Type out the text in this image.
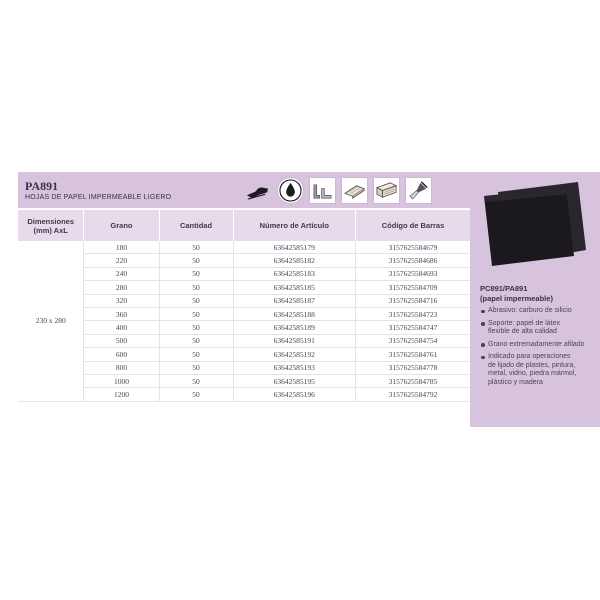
PA891
HOJAS DE PAPEL IMPERMEABLE LIGERO
Dimensiones (mm) AxL	Grano	Cantidad	Número de Artículo	Código de Barras
230 x 280	180	50	63642585179	3157625584679
	220	50	63642585182	3157625584686
	240	50	63642585183	3157625584693
	280	50	63642585185	3157625584709
	320	50	63642585187	3157625584716
	360	50	63642585188	3157625584723
	400	50	63642585189	3157625584747
	500	50	63642585191	3157625584754
	600	50	63642585192	3157625584761
	800	50	63642585193	3157625584778
	1000	50	63642585195	3157625584785
	1200	50	63642585196	3157625584792
PC891/PA891
(papel impermeable)
Abrasivo: carburo de silicio
Soporte: papel de látex
flexible de alta calidad
Grano extremadamente afilado
Indicado para operaciones
de lijado de plastes, pintura,
metal, vidrio, piedra mármol,
plástico y madera
